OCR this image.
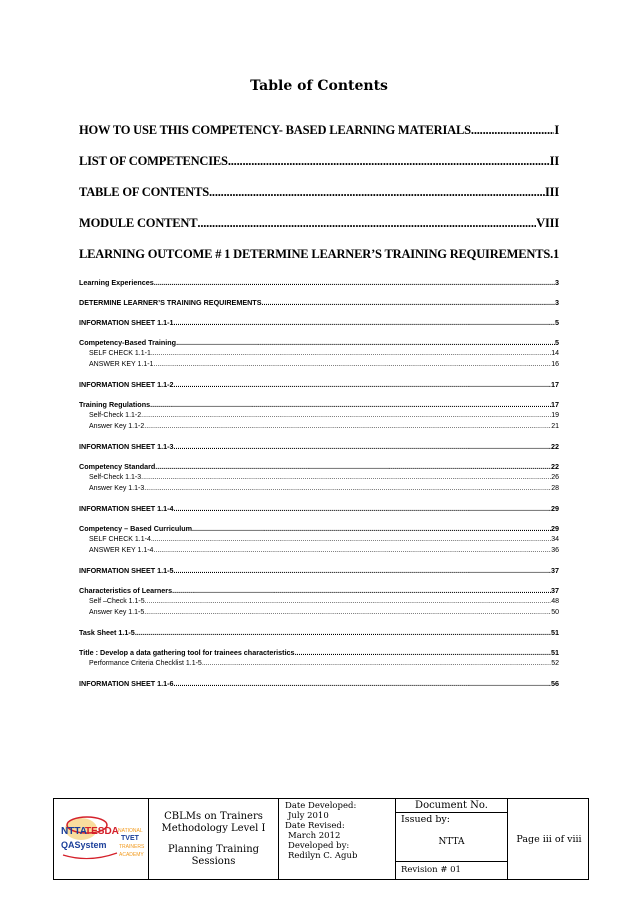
Table of Contents
HOW TO USE THIS COMPETENCY- BASED LEARNING MATERIALS .....	I
LIST OF COMPETENCIES .....	II
TABLE OF CONTENTS .....	III
MODULE CONTENT .....	VIII
LEARNING OUTCOME # 1 DETERMINE LEARNER’S TRAINING REQUIREMENTS ..... 1
Learning Experiences .....	3
DETERMINE LEARNER’S TRAINING REQUIREMENTS .....	3
INFORMATION SHEET 1.1-1 .....	5
Competency-Based Training .....	5
SELF CHECK 1.1-1 .....	14
ANSWER KEY 1.1-1 .....	16
INFORMATION SHEET 1.1-2 .....	17
Training Regulations .....	17
Self-Check 1.1-2 .....	19
Answer Key 1.1-2 .....	21
INFORMATION SHEET 1.1-3 .....	22
Competency Standard .....	22
Self-Check 1.1-3 .....	26
Answer Key 1.1-3 .....	28
INFORMATION SHEET 1.1-4 .....	29
Competency – Based Curriculum .....	29
SELF CHECK 1.1-4 .....	34
ANSWER KEY 1.1-4 .....	36
INFORMATION SHEET 1.1-5 .....	37
Characteristics of Learners .....	37
Self –Check 1.1-5 .....	48
Answer Key 1.1-5 .....	50
Task Sheet 1.1-5 .....	51
Title : Develop a data gathering tool for trainees characteristics .....	51
Performance Criteria Checklist 1.1-5 .....	52
INFORMATION SHEET 1.1-6 .....	56
NTTA
TESDA NATIONAL
TVET
TRAINERS
QASystem
ACADEMY
CBLMs on Trainers
Methodology Level I
Planning Training
Sessions
Date Developed:
July 2010
Date Revised:
March 2012
Developed by:
Redilyn C. Agub
Document No.
Issued by:
NTTA
Revision # 01
Page iii of viii
